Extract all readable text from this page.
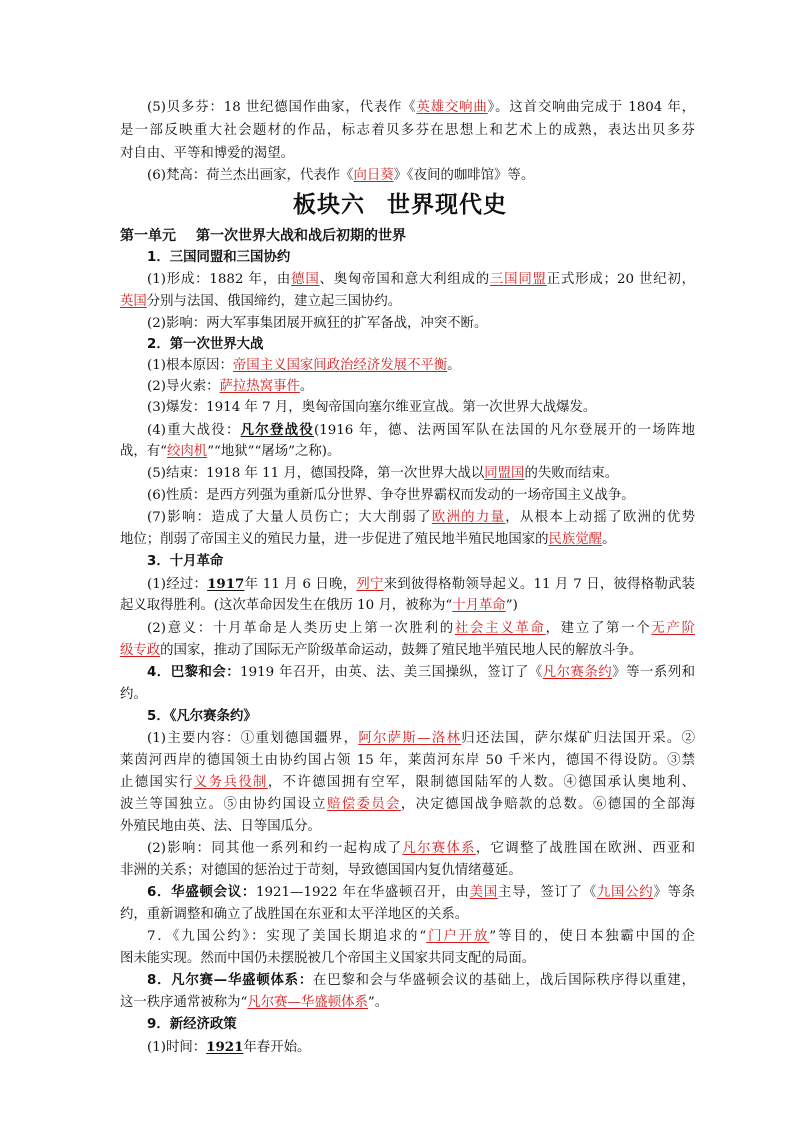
(5)贝多芬：18 世纪德国作曲家，代表作《英雄交响曲》。这首交响曲完成于 1804 年，
是一部反映重大社会题材的作品，标志着贝多芬在思想上和艺术上的成熟，表达出贝多芬
对自由、平等和博爱的渴望。
(6)梵高：荷兰杰出画家，代表作《向日葵》《夜间的咖啡馆》等。
板块六 世界现代史
第一单元 第一次世界大战和战后初期的世界
1．三国同盟和三国协约
(1)形成：1882 年，由德国、奥匈帝国和意大利组成的三国同盟正式形成；20 世纪初，
英国分别与法国、俄国缔约，建立起三国协约。
(2)影响：两大军事集团展开疯狂的扩军备战，冲突不断。
2．第一次世界大战
(1)根本原因：帝国主义国家间政治经济发展不平衡。
(2)导火索：萨拉热窝事件。
(3)爆发：1914 年 7 月，奥匈帝国向塞尔维亚宣战。第一次世界大战爆发。
(4)重大战役：凡尔登战役(1916 年，德、法两国军队在法国的凡尔登展开的一场阵地
战，有“绞肉机”“地狱”“屠场”之称)。
(5)结束：1918 年 11 月，德国投降，第一次世界大战以同盟国的失败而结束。
(6)性质：是西方列强为重新瓜分世界、争夺世界霸权而发动的一场帝国主义战争。
(7)影响：造成了大量人员伤亡；大大削弱了欧洲的力量，从根本上动摇了欧洲的优势
地位；削弱了帝国主义的殖民力量，进一步促进了殖民地半殖民地国家的民族觉醒。
3．十月革命
(1)经过：1917年 11 月 6 日晚，列宁来到彼得格勒领导起义。11 月 7 日，彼得格勒武装
起义取得胜利。(这次革命因发生在俄历 10 月，被称为“十月革命”)
(2)意义：十月革命是人类历史上第一次胜利的社会主义革命，建立了第一个无产阶
级专政的国家，推动了国际无产阶级革命运动，鼓舞了殖民地半殖民地人民的解放斗争。
4．巴黎和会：1919 年召开，由英、法、美三国操纵，签订了《凡尔赛条约》等一系列和
约。
5．《凡尔赛条约》
(1)主要内容：①重划德国疆界，阿尔萨斯—洛林归还法国，萨尔煤矿归法国开采。②
莱茵河西岸的德国领土由协约国占领 15 年，莱茵河东岸 50 千米内，德国不得设防。③禁
止德国实行义务兵役制，不许德国拥有空军，限制德国陆军的人数。④德国承认奥地利、
波兰等国独立。⑤由协约国设立赔偿委员会，决定德国战争赔款的总数。⑥德国的全部海
外殖民地由英、法、日等国瓜分。
(2)影响：同其他一系列和约一起构成了凡尔赛体系，它调整了战胜国在欧洲、西亚和
非洲的关系；对德国的惩治过于苛刻，导致德国国内复仇情绪蔓延。
6．华盛顿会议：1921—1922 年在华盛顿召开，由美国主导，签订了《九国公约》等条
约，重新调整和确立了战胜国在东亚和太平洋地区的关系。
7．《九国公约》：实现了美国长期追求的“门户开放”等目的，使日本独霸中国的企
图未能实现。然而中国仍未摆脱被几个帝国主义国家共同支配的局面。
8．凡尔赛—华盛顿体系：在巴黎和会与华盛顿会议的基础上，战后国际秩序得以重建，
这一秩序通常被称为“凡尔赛—华盛顿体系”。
9．新经济政策
(1)时间：1921年春开始。
